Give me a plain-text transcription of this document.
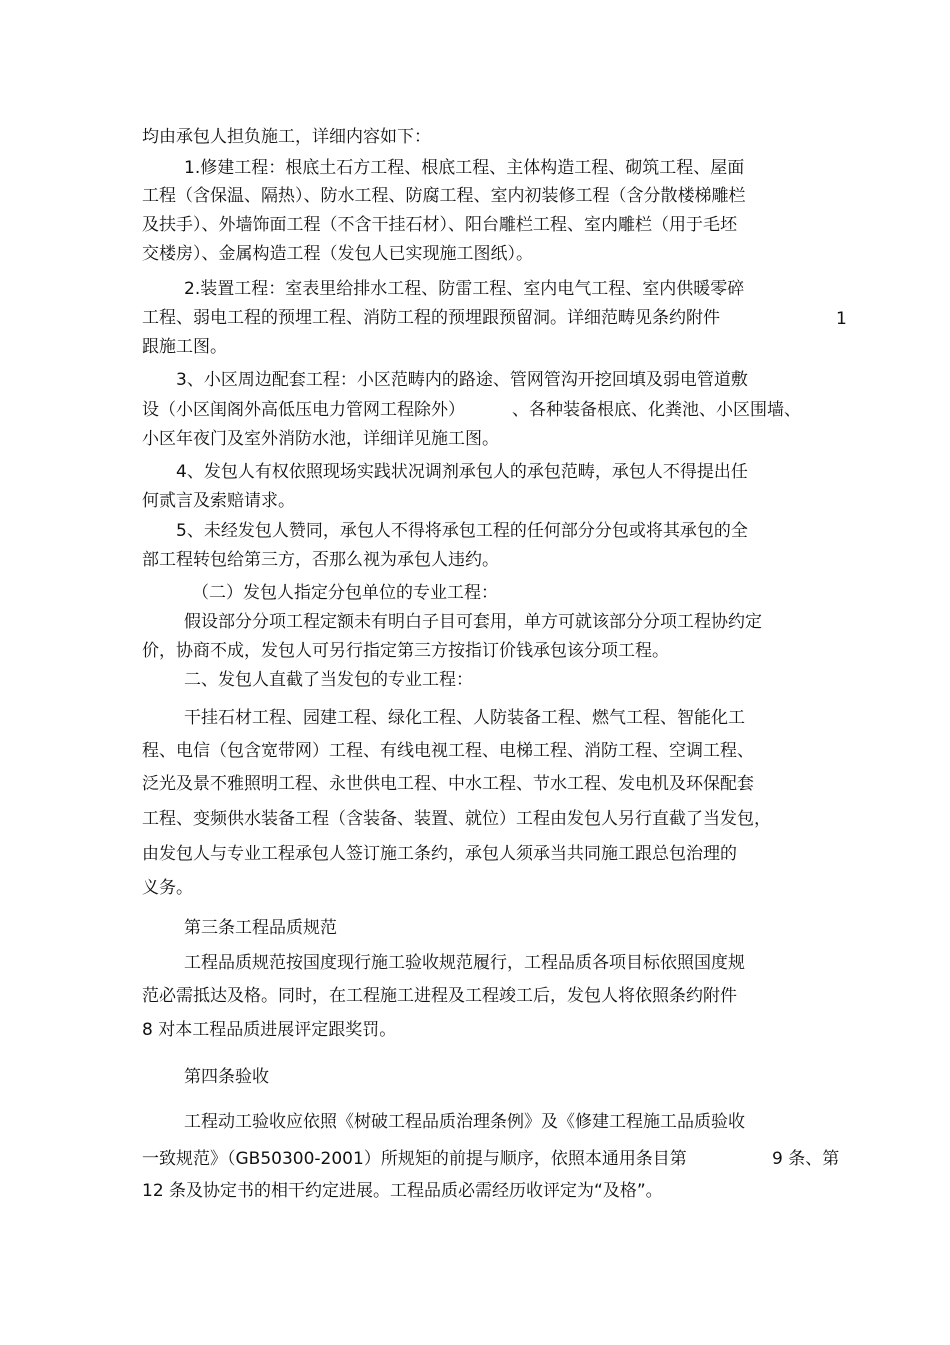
均由承包人担负施工，详细内容如下：
1.修建工程：根底土石方工程、根底工程、主体构造工程、砌筑工程、屋面
工程（含保温、隔热）、防水工程、防腐工程、室内初装修工程（含分散楼梯雕栏
及扶手）、外墙饰面工程（不含干挂石材）、阳台雕栏工程、室内雕栏（用于毛坯
交楼房）、金属构造工程（发包人已实现施工图纸）。
2.装置工程：室表里给排水工程、防雷工程、室内电气工程、室内供暖零碎
工程、弱电工程的预埋工程、消防工程的预埋跟预留洞。详细范畴见条约附件	1
跟施工图。
3、小区周边配套工程：小区范畴内的路途、管网管沟开挖回填及弱电管道敷
设（小区闺阁外高低压电力管网工程除外）	、各种装备根底、化粪池、小区围墙、
小区年夜门及室外消防水池，详细详见施工图。
4、发包人有权依照现场实践状况调剂承包人的承包范畴，承包人不得提出任
何贰言及索赔请求。
5、未经发包人赞同，承包人不得将承包工程的任何部分分包或将其承包的全
部工程转包给第三方，否那么视为承包人违约。
（二）发包人指定分包单位的专业工程：
假设部分分项工程定额未有明白子目可套用，单方可就该部分分项工程协约定
价，协商不成，发包人可另行指定第三方按指订价钱承包该分项工程。
二、发包人直截了当发包的专业工程：
干挂石材工程、园建工程、绿化工程、人防装备工程、燃气工程、智能化工
程、电信（包含宽带网）工程、有线电视工程、电梯工程、消防工程、空调工程、
泛光及景不雅照明工程、永世供电工程、中水工程、节水工程、发电机及环保配套
工程、变频供水装备工程（含装备、装置、就位）工程由发包人另行直截了当发包，
由发包人与专业工程承包人签订施工条约，承包人须承当共同施工跟总包治理的
义务。
第三条工程品质规范
工程品质规范按国度现行施工验收规范履行，工程品质各项目标依照国度规
范必需抵达及格。同时，在工程施工进程及工程竣工后，发包人将依照条约附件
8 对本工程品质进展评定跟奖罚。
第四条验收
工程动工验收应依照《树破工程品质治理条例》及《修建工程施工品质验收
一致规范》（GB50300-2001）所规矩的前提与顺序，依照本通用条目第	9 条、第
12 条及协定书的相干约定进展。工程品质必需经历收评定为“及格”。
